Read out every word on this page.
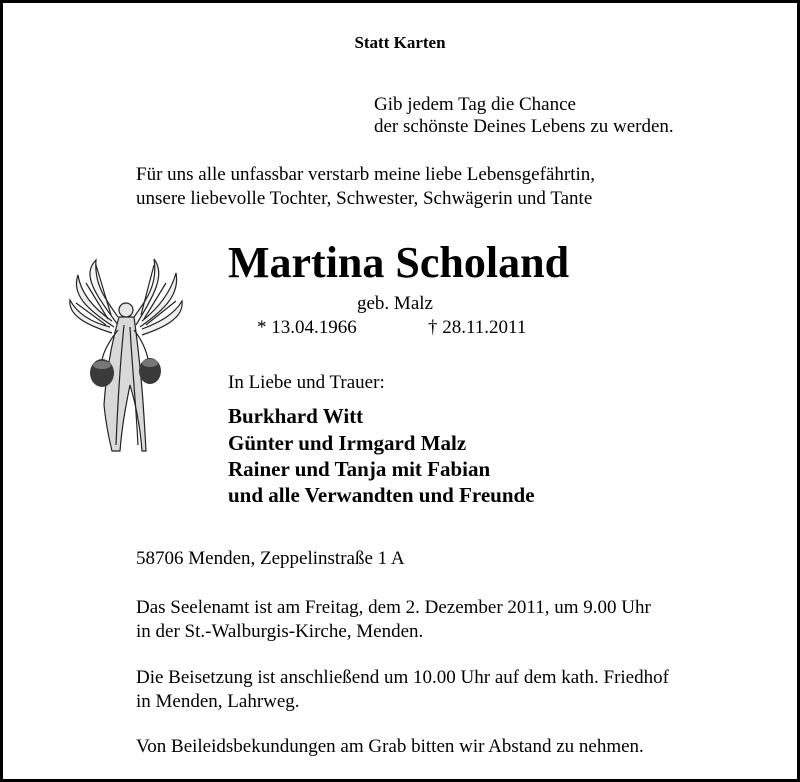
Statt Karten
Gib jedem Tag die Chance
der schönste Deines Lebens zu werden.
Für uns alle unfassbar verstarb meine liebe Lebensgefährtin,
unsere liebevolle Tochter, Schwester, Schwägerin und Tante
Martina Scholand
geb. Malz
* 13.04.1966	† 28.11.2011
In Liebe und Trauer:
Burkhard Witt
Günter und Irmgard Malz
Rainer und Tanja mit Fabian
und alle Verwandten und Freunde
58706 Menden, Zeppelinstraße 1 A
Das Seelenamt ist am Freitag, dem 2. Dezember 2011, um 9.00 Uhr
in der St.-Walburgis-Kirche, Menden.
Die Beisetzung ist anschließend um 10.00 Uhr auf dem kath. Friedhof
in Menden, Lahrweg.
Von Beileidsbekundungen am Grab bitten wir Abstand zu nehmen.
